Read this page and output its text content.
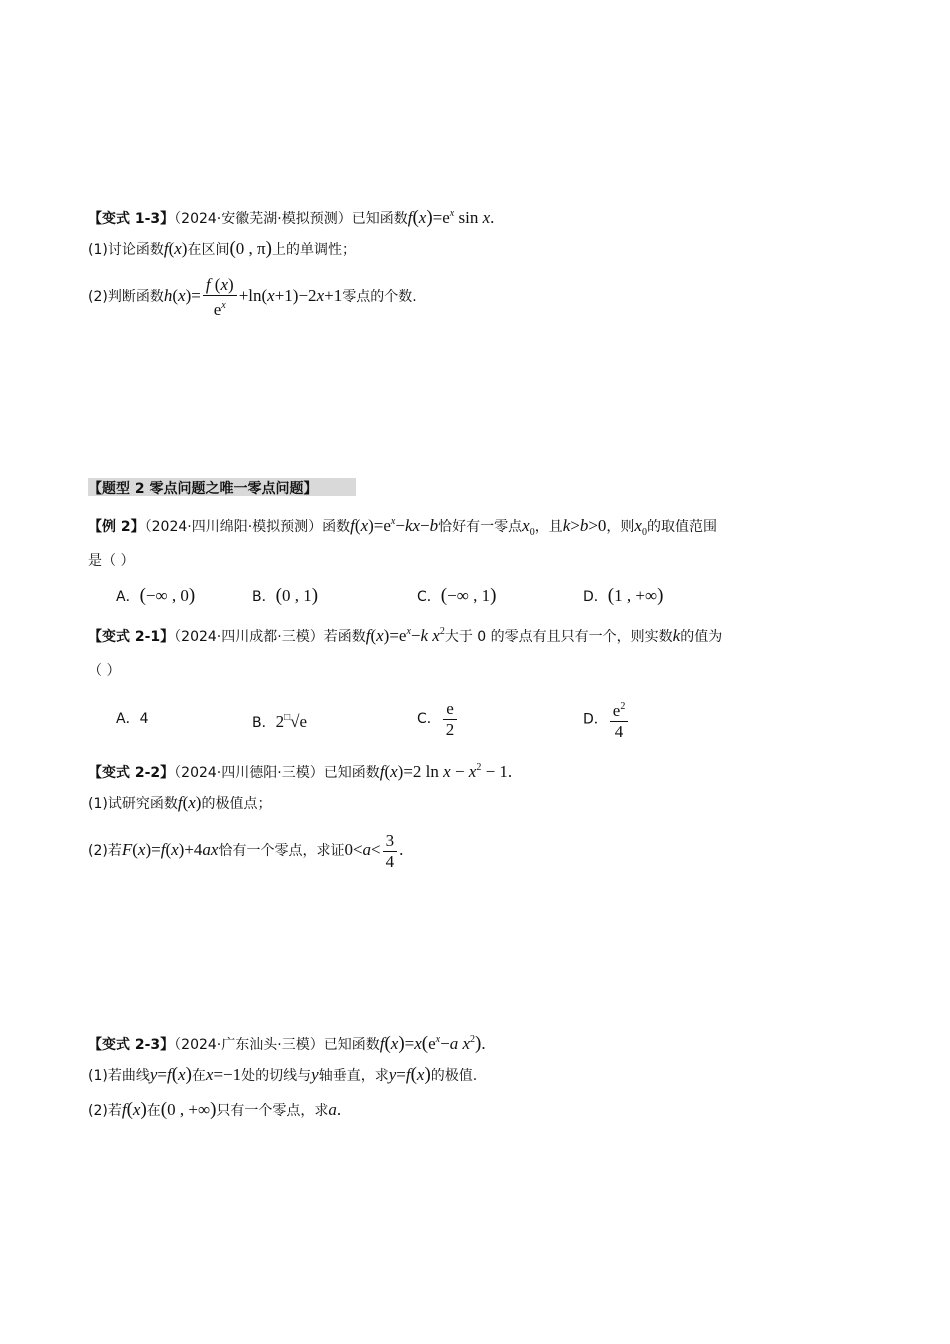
【变式 1-3】（2024·安徽芜湖·模拟预测）已知函数$f(x)=e^x$ sin x.
(1)讨论函数f(x)在区间(0 , π)上的单调性；
(2)判断函数$h(x)= \frac{f (x)}{e^x} +\ln(x+1)-2x+1$零点的个数.
【题型 2 零点问题之唯一零点问题】
【例 2】（2024·四川绵阳·模拟预测）函数$f(x)=e^x-kx-b$恰好有一零点$x_0$，且k>b>0，则$x_0$的取值范围
是（ ）
A．(−∞ , 0)	B．(0 , 1)	C．(−∞ , 1)	D．(1 , +∞)
【变式 2-1】（2024·四川成都·三模）若函数$f(x)=e^x-k$ $x^2$大于 0 的零点有且只有一个，则实数k的值为
（ ）
A．4	B．2□√e	C． $\frac{e}{2}$	D． $\frac{e^2}{4}$
【变式 2-2】（2024·四川德阳·三模）已知函数f(x)=2 $\ln x - x^2 - 1$.
(1)试研究函数f(x)的极值点；
(2)若F(x)=f(x)+4ax恰有一个零点，求证$0<a< \frac{3}{4}$ .
【变式 2-3】（2024·广东汕头·三模）已知函数$f(x)=x(e^x-a$ $x^2$).
(1)若曲线y=f(x)在x=−1处的切线与y轴垂直，求y=f(x)的极值.
(2)若f(x)在(0 , +∞)只有一个零点，求a.
